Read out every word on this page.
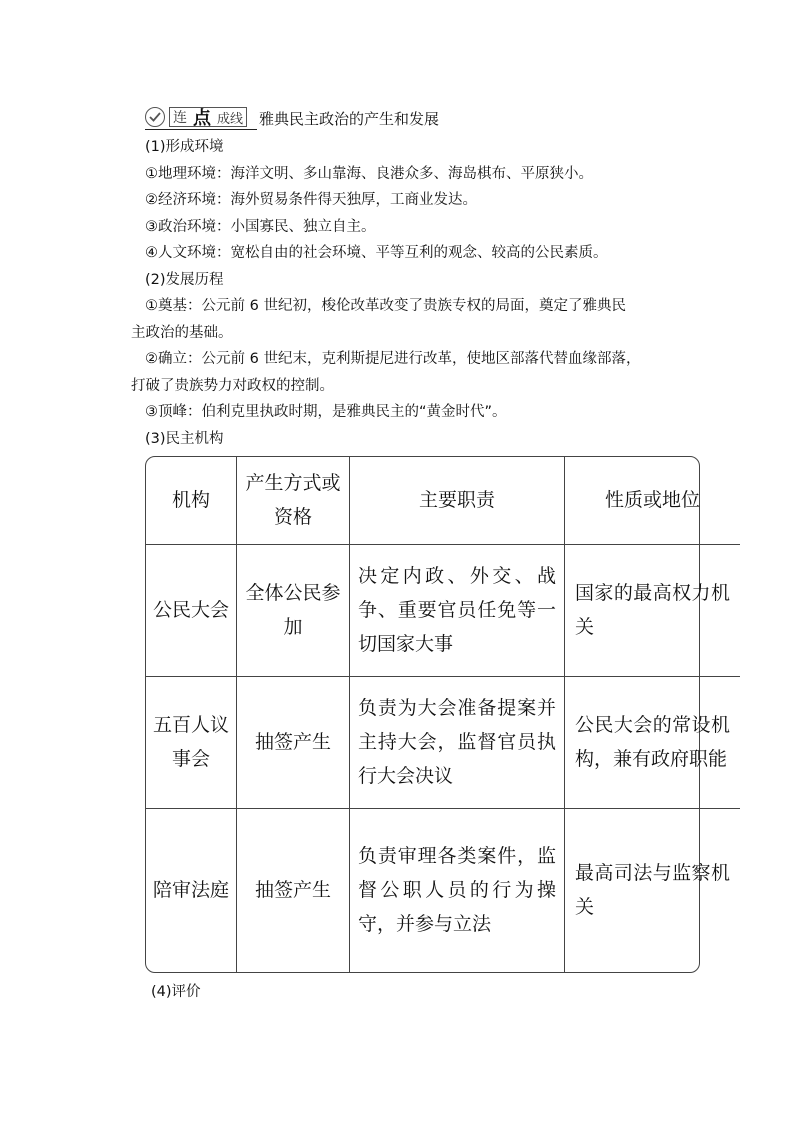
连 点 成线 雅典民主政治的产生和发展

(1)形成环境

①地理环境：海洋文明、多山靠海、良港众多、海岛棋布、平原狭小。

②经济环境：海外贸易条件得天独厚，工商业发达。

③政治环境：小国寡民、独立自主。

④人文环境：宽松自由的社会环境、平等互利的观念、较高的公民素质。

(2)发展历程

①奠基：公元前 6 世纪初，梭伦改革改变了贵族专权的局面，奠定了雅典民

主政治的基础。

②确立：公元前 6 世纪末，克利斯提尼进行改革，使地区部落代替血缘部落，

打破了贵族势力对政权的控制。

③顶峰：伯利克里执政时期，是雅典民主的“黄金时代”。

(3)民主机构

机构	产生方式或资格	主要职责	性质或地位
公民大会	全体公民参加	决定内政、外交、战争、重要官员任免等一切国家大事	国家的最高权力机关
五百人议事会	抽签产生	负责为大会准备提案并主持大会，监督官员执行大会决议	公民大会的常设机构，兼有政府职能
陪审法庭	抽签产生	负责审理各类案件，监督公职人员的行为操守，并参与立法	最高司法与监察机关

(4)评价
